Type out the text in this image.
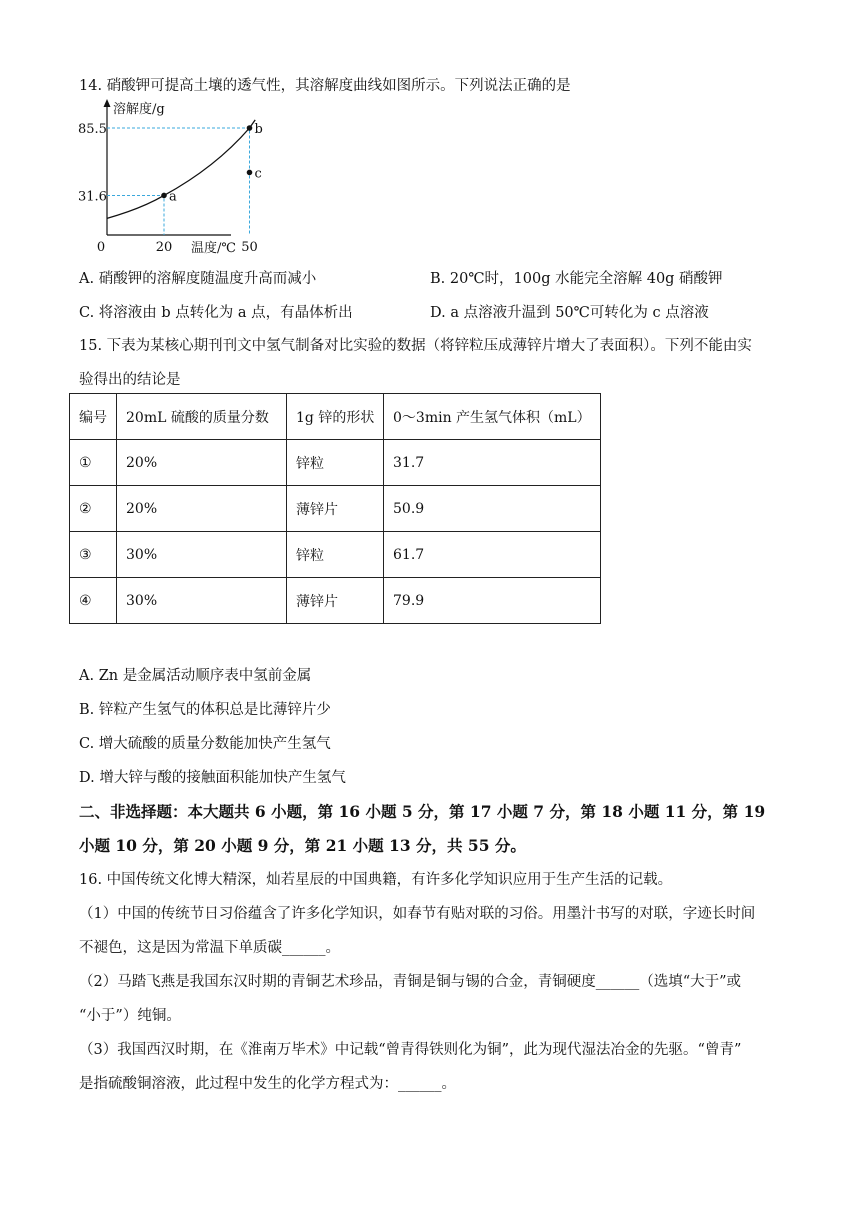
14. 硝酸钾可提高土壤的透气性，其溶解度曲线如图所示。下列说法正确的是
溶解度/g
温度/℃
0	20	50
31.6
85.5
a
b
c
A. 硝酸钾的溶解度随温度升高而减小	B. 20℃时，100g 水能完全溶解 40g 硝酸钾
C. 将溶液由 b 点转化为 a 点，有晶体析出	D. a 点溶液升温到 50℃可转化为 c 点溶液
15. 下表为某核心期刊刊文中氢气制备对比实验的数据（将锌粒压成薄锌片增大了表面积）。下列不能由实
验得出的结论是
编号	20mL 硫酸的质量分数	1g 锌的形状	0～3min 产生氢气体积（mL）
①	20%	锌粒	31.7
②	20%	薄锌片	50.9
③	30%	锌粒	61.7
④	30%	薄锌片	79.9
A. Zn 是金属活动顺序表中氢前金属
B. 锌粒产生氢气的体积总是比薄锌片少
C. 增大硫酸的质量分数能加快产生氢气
D. 增大锌与酸的接触面积能加快产生氢气
二、非选择题：本大题共 6 小题，第 16 小题 5 分，第 17 小题 7 分，第 18 小题 11 分，第 19
小题 10 分，第 20 小题 9 分，第 21 小题 13 分，共 55 分。
16. 中国传统文化博大精深，灿若星辰的中国典籍，有许多化学知识应用于生产生活的记载。
（1）中国的传统节日习俗蕴含了许多化学知识，如春节有贴对联的习俗。用墨汁书写的对联，字迹长时间
不褪色，这是因为常温下单质碳______。
（2）马踏飞燕是我国东汉时期的青铜艺术珍品，青铜是铜与锡的合金，青铜硬度______（选填“大于”或
“小于”）纯铜。
（3）我国西汉时期，在《淮南万毕术》中记载“曾青得铁则化为铜”，此为现代湿法冶金的先驱。“曾青”
是指硫酸铜溶液，此过程中发生的化学方程式为：______。
